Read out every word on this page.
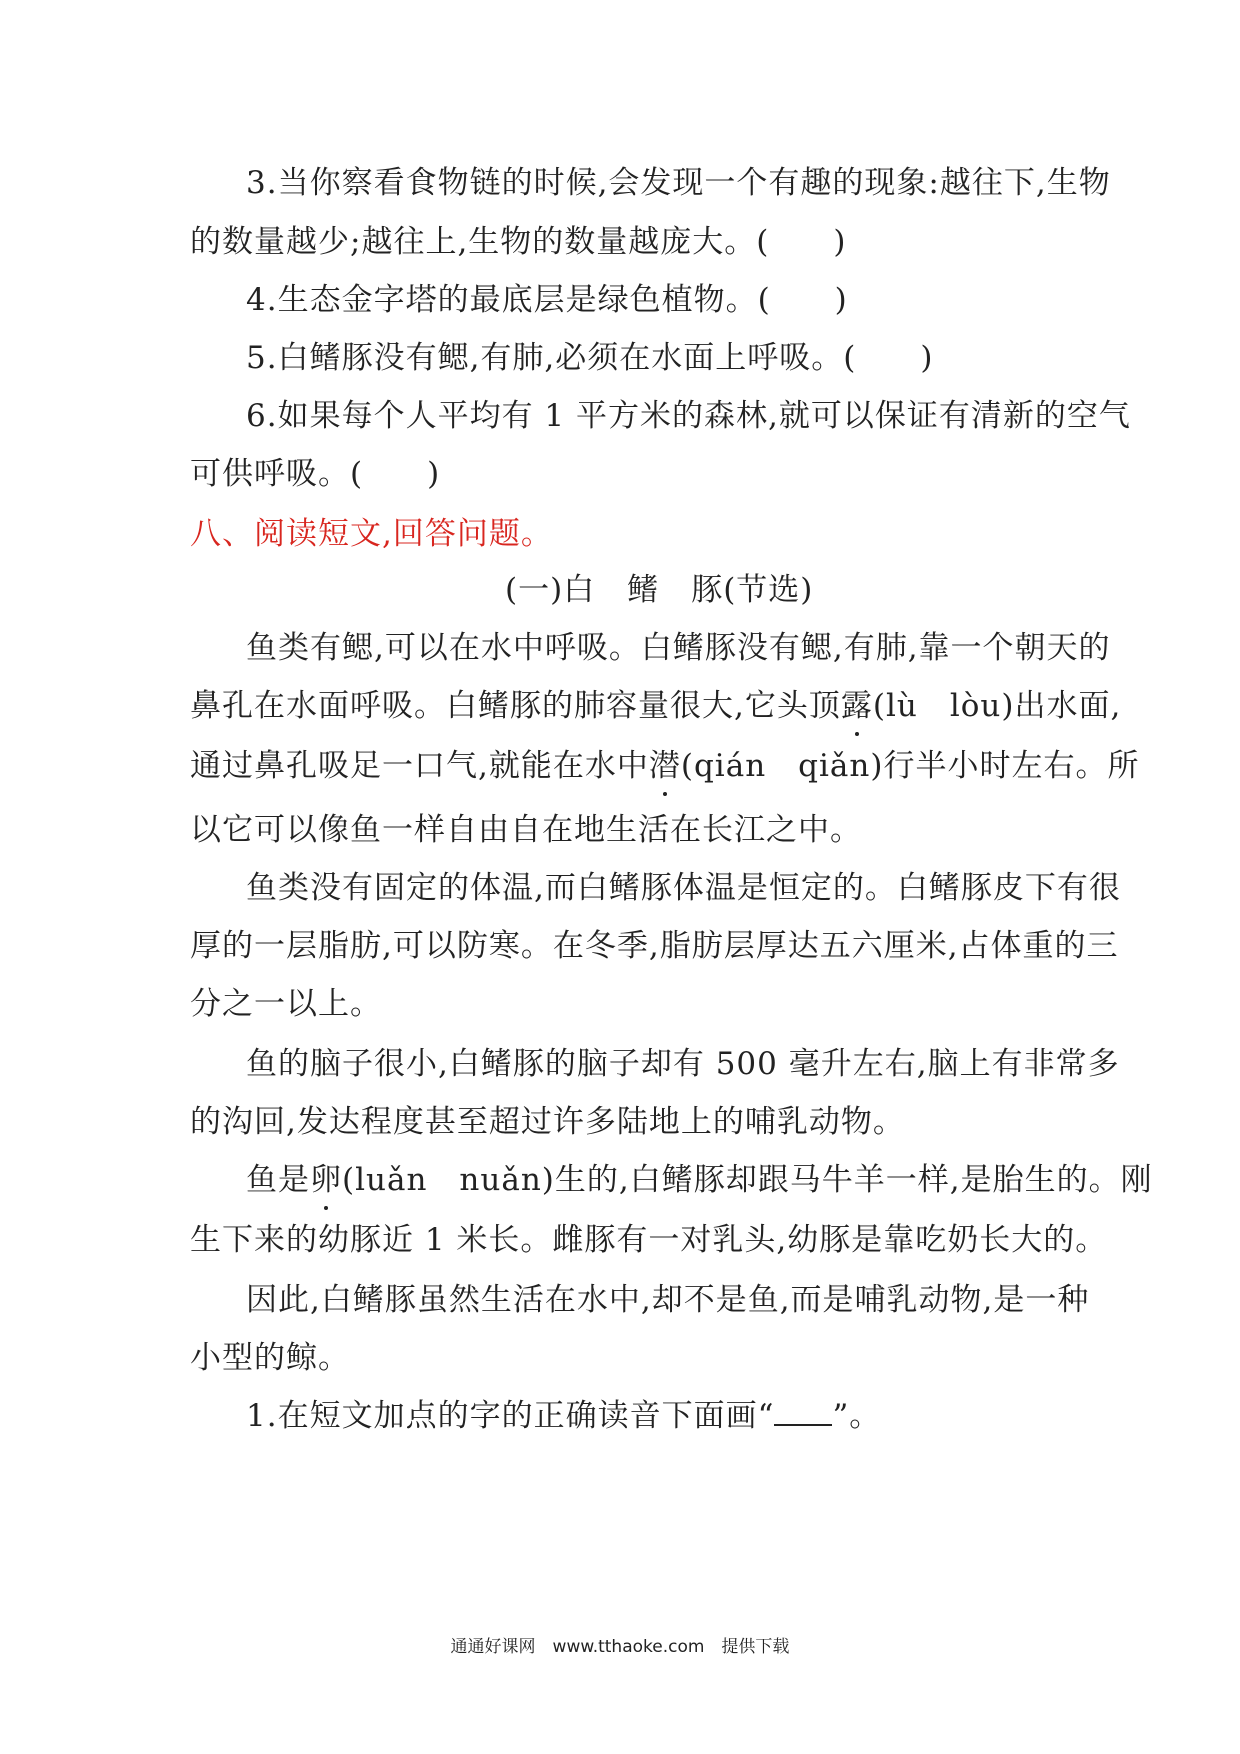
3.当你察看食物链的时候,会发现一个有趣的现象:越往下,生物
的数量越少;越往上,生物的数量越庞大。(　　)
4.生态金字塔的最底层是绿色植物。(　　)
5.白鳍豚没有鳃,有肺,必须在水面上呼吸。(　　)
6.如果每个人平均有 1 平方米的森林,就可以保证有清新的空气
可供呼吸。(　　)
八、阅读短文,回答问题。
(一)白　鳍　豚(节选)
鱼类有鳃,可以在水中呼吸。白鳍豚没有鳃,有肺,靠一个朝天的
鼻孔在水面呼吸。白鳍豚的肺容量很大,它头顶露(lù　lòu)出水面,
通过鼻孔吸足一口气,就能在水中潜(qián　qiǎn)行半小时左右。所
以它可以像鱼一样自由自在地生活在长江之中。
鱼类没有固定的体温,而白鳍豚体温是恒定的。白鳍豚皮下有很
厚的一层脂肪,可以防寒。在冬季,脂肪层厚达五六厘米,占体重的三
分之一以上。
鱼的脑子很小,白鳍豚的脑子却有 500 毫升左右,脑上有非常多
的沟回,发达程度甚至超过许多陆地上的哺乳动物。
鱼是卵(luǎn　nuǎn)生的,白鳍豚却跟马牛羊一样,是胎生的。刚
生下来的幼豚近 1 米长。雌豚有一对乳头,幼豚是靠吃奶长大的。
因此,白鳍豚虽然生活在水中,却不是鱼,而是哺乳动物,是一种
小型的鲸。
1.在短文加点的字的正确读音下面画“ ”。
通通好课网　www.tthaoke.com　提供下载
